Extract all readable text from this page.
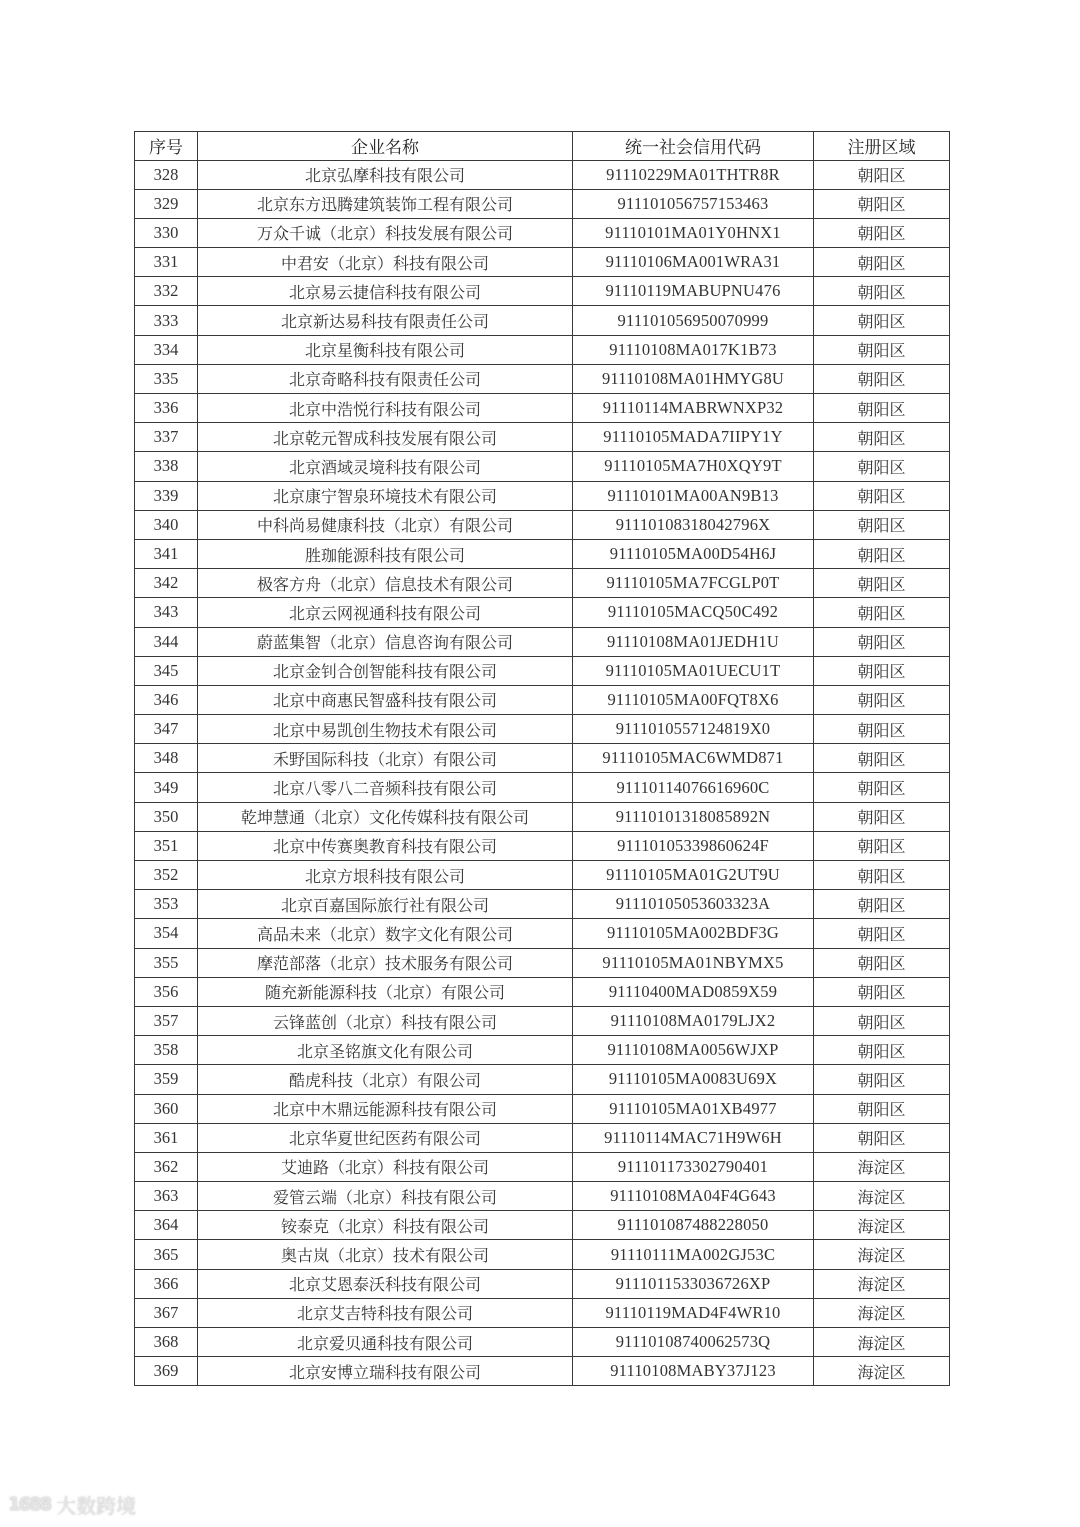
序号	企业名称	统一社会信用代码	注册区域
328	北京弘摩科技有限公司	91110229MA01THTR8R	朝阳区
329	北京东方迅腾建筑装饰工程有限公司	911101056757153463	朝阳区
330	万众千诚（北京）科技发展有限公司	91110101MA01Y0HNX1	朝阳区
331	中君安（北京）科技有限公司	91110106MA001WRA31	朝阳区
332	北京易云捷信科技有限公司	91110119MABUPNU476	朝阳区
333	北京新达易科技有限责任公司	911101056950070999	朝阳区
334	北京星衡科技有限公司	91110108MA017K1B73	朝阳区
335	北京奇略科技有限责任公司	91110108MA01HMYG8U	朝阳区
336	北京中浩悦行科技有限公司	91110114MABRWNXP32	朝阳区
337	北京乾元智成科技发展有限公司	91110105MADA7IIPY1Y	朝阳区
338	北京酒域灵境科技有限公司	91110105MA7H0XQY9T	朝阳区
339	北京康宁智泉环境技术有限公司	91110101MA00AN9B13	朝阳区
340	中科尚易健康科技（北京）有限公司	91110108318042796X	朝阳区
341	胜珈能源科技有限公司	91110105MA00D54H6J	朝阳区
342	极客方舟（北京）信息技术有限公司	91110105MA7FCGLP0T	朝阳区
343	北京云网视通科技有限公司	91110105MACQ50C492	朝阳区
344	蔚蓝集智（北京）信息咨询有限公司	91110108MA01JEDH1U	朝阳区
345	北京金钊合创智能科技有限公司	91110105MA01UECU1T	朝阳区
346	北京中商惠民智盛科技有限公司	91110105MA00FQT8X6	朝阳区
347	北京中易凯创生物技术有限公司	9111010557124819X0	朝阳区
348	禾野国际科技（北京）有限公司	91110105MAC6WMD871	朝阳区
349	北京八零八二音频科技有限公司	91110114076616960C	朝阳区
350	乾坤慧通（北京）文化传媒科技有限公司	91110101318085892N	朝阳区
351	北京中传赛奥教育科技有限公司	91110105339860624F	朝阳区
352	北京方垠科技有限公司	91110105MA01G2UT9U	朝阳区
353	北京百嘉国际旅行社有限公司	91110105053603323A	朝阳区
354	高品未来（北京）数字文化有限公司	91110105MA002BDF3G	朝阳区
355	摩范部落（北京）技术服务有限公司	91110105MA01NBYMX5	朝阳区
356	随充新能源科技（北京）有限公司	91110400MAD0859X59	朝阳区
357	云锋蓝创（北京）科技有限公司	91110108MA0179LJX2	朝阳区
358	北京圣铭旗文化有限公司	91110108MA0056WJXP	朝阳区
359	酷虎科技（北京）有限公司	91110105MA0083U69X	朝阳区
360	北京中木鼎远能源科技有限公司	91110105MA01XB4977	朝阳区
361	北京华夏世纪医药有限公司	91110114MAC71H9W6H	朝阳区
362	艾迪路（北京）科技有限公司	911101173302790401	海淀区
363	爱管云端（北京）科技有限公司	91110108MA04F4G643	海淀区
364	铵泰克（北京）科技有限公司	911101087488228050	海淀区
365	奥古岚（北京）技术有限公司	91110111MA002GJ53C	海淀区
366	北京艾恩泰沃科技有限公司	9111011533036726XP	海淀区
367	北京艾吉特科技有限公司	91110119MAD4F4WR10	海淀区
368	北京爱贝通科技有限公司	91110108740062573Q	海淀区
369	北京安博立瑞科技有限公司	91110108MABY37J123	海淀区
1688 大数跨境
